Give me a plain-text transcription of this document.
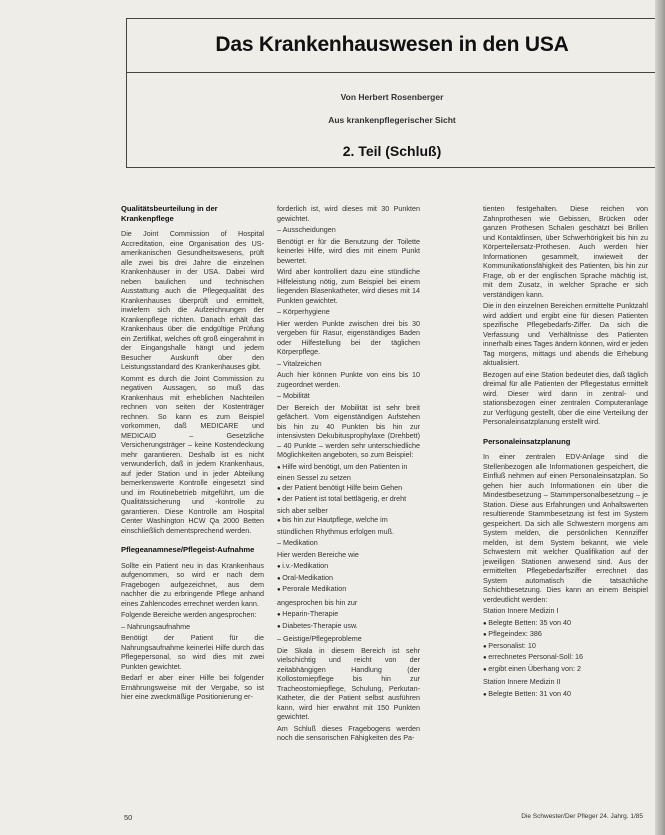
Das Krankenhauswesen in den USA
Von Herbert Rosenberger
Aus krankenpflegerischer Sicht
2. Teil (Schluß)
Qualitätsbeurteilung in der Krankenpflege

Die Joint Commission of Hospital Accreditation, eine Organisation des US-amerikanischen Gesundheitswesens, prüft alle zwei bis drei Jahre die einzelnen Krankenhäuser in der USA. Dabei wird neben baulichen und technischen Ausstattung auch die Pflegequalität des Krankenhauses überprüft und ermittelt, inwiefern sich die Aufzeichnungen der Krankenpflege richten. Danach erhält das Krankenhaus über die endgültige Prüfung ein Zertifikat, welches oft groß eingerahmt in der Eingangshalle hängt und jedem Besucher Auskunft über den Leistungsstandard des Krankenhauses gibt.

Kommt es durch die Joint Commission zu negativen Aussagen, so muß das Krankenhaus mit erheblichen Nachteilen rechnen von seiten der Kostenträger rechnen. So kann es zum Beispiel vorkommen, daß MEDICARE und MEDICAID – Gesetzliche Versicherungsträger – keine Kostendeckung mehr garantieren. Deshalb ist es nicht verwunderlich, daß in jedem Krankenhaus, auf jeder Station und in jeder Abteilung bemerkenswerte Kontrolle eingesetzt sind und im Routinebetrieb mitgeführt, um die Qualitätssicherung und -kontrolle zu garantieren. Diese Kontrolle am Hospital Center Washington HCW Qa 2000 Betten einschließlich dementsprechend werden.

Pflegeanamnese/Pflegeist-Aufnahme

Sollte ein Patient neu in das Krankenhaus aufgenommen, so wird er nach dem Fragebogen aufgezeichnet, aus dem nachher die zu erbringende Pflege anhand eines Zahlencodes errechnet werden kann.

Folgende Bereiche werden angesprochen:

– Nahrungsaufnahme

Benötigt der Patient für die Nahrungsaufnahme keinerlei Hilfe durch das Pflegepersonal, so wird dies mit zwei Punkten gewichtet.

Bedarf er aber einer Hilfe bei folgender Ernährungsweise mit der Vergabe, so ist hier eine zweckmäßige Positionierung er-

forderlich ist, wird dieses mit 30 Punkten gewichtet.

– Ausscheidungen

Benötigt er für die Benutzung der Toilette keinerlei Hilfe, wird dies mit einem Punkt bewertet.

Wird aber kontrolliert dazu eine stündliche Hilfeleistung nötig, zum Beispiel bei einem liegenden Blasenkatheter, wird dieses mit 14 Punkten gewichtet.

– Körperhygiene

Hier werden Punkte zwischen drei bis 30 vergeben für Rasur, eigenständiges Baden oder Hilfestellung bei der täglichen Körperpflege.

– Vitalzeichen

Auch hier können Punkte von eins bis 10 zugeordnet werden.

– Mobilität

Der Bereich der Mobilität ist sehr breit gefächert. Vom eigenständigen Aufstehen bis hin zu 40 Punkten bis hin zur intensivsten Dekubitusprophylaxe (Drehbett) – 40 Punkte – werden sehr unterschiedliche Möglichkeiten angeboten, so zum Beispiel:

● Hilfe wird benötigt, um den Patienten in einen Sessel zu setzen
● der Patient benötigt Hilfe beim Gehen
● der Patient ist total bettlägerig, er dreht sich aber selber
● bis hin zur Hautpflege, welche im stündlichen Rhythmus erfolgen muß.

– Medikation

Hier werden Bereiche wie

● i.v.-Medikation
● Oral-Medikation
● Perorale Medikation

angesprochen bis hin zur

● Heparin-Therapie
● Diabetes-Therapie usw.

– Geistige/Pflegeprobleme

Die Skala in diesem Bereich ist sehr vielschichtig und reicht von der zeitabhängigen Handlung (der Kollostomiepflege bis hin zur Tracheostomiepflege, Schulung, Perkutan-Katheter, die der Patient selbst ausführen kann, wird hier erwähnt mit 150 Punkten gewichtet.

Am Schluß dieses Fragebogens werden noch die sensorischen Fähigkeiten des Pa-

tienten festgehalten. Diese reichen von Zahnprothesen wie Gebissen, Brücken oder ganzen Prothesen Schalen geschätzt bei Brillen und Kontaktlinsen, über Schwerhörigkeit bis hin zu Körperteilersatz-Prothesen. Auch werden hier Informationen gesammelt, inwieweit der Kommunikationsfähigkeit des Patienten, bis hin zur Frage, ob er der englischen Sprache mächtig ist, mit dem Zusatz, in welcher Sprache er sich verständigen kann.

Die in den einzelnen Bereichen ermittelte Punktzahl wird addiert und ergibt eine für diesen Patienten spezifische Pflegebedarfs-Ziffer. Da sich die Verfassung und Verhältnisse des Patienten innerhalb eines Tages ändern können, wird er jeden Tag morgens, mittags und abends die Erhebung aktualisiert.

Bezogen auf eine Station bedeutet dies, daß täglich dreimal für alle Patienten der Pflegestatus ermittelt wird. Dieser wird dann in zentral- und stationsbezogen einer zentralen Computeranlage zur Verfügung gestellt, über die eine Verteilung der Personaleinsatzplanung erstellt wird.

Personaleinsatzplanung

In einer zentralen EDV-Anlage sind die Stellenbezogen alle Informationen gespeichert, die Einfluß nehmen auf einen Personaleinsatzplan. So gehen hier auch Informationen ein über die Mindestbesetzung – Stammpersonalbesetzung – je Station. Diese aus Erfahrungen und Anhaltswerten resultierende Stammbesetzung ist fest im System gespeichert. Da sich alle Schwestern morgens am System melden, die persönlichen Kennziffer melden, ist dem System bekannt, wie viele Schwestern mit welcher Qualifikation auf der jeweiligen Stationen anwesend sind. Aus der ermittelten Pflegebedarfsziffer errechnet das System automatisch die tatsächliche Schichtbesetzung. Dies kann an einem Beispiel verdeutlicht werden:

Station Innere Medizin I

● Belegte Betten: 35 von 40
● Pflegeindex: 386
● Personalist: 10
● errechnetes Personal-Soll: 16
● ergibt einen Überhang von: 2

Station Innere Medizin II

● Belegte Betten: 31 von 40
50	Die Schwester/Der Pfleger 24. Jahrg. 1/85
